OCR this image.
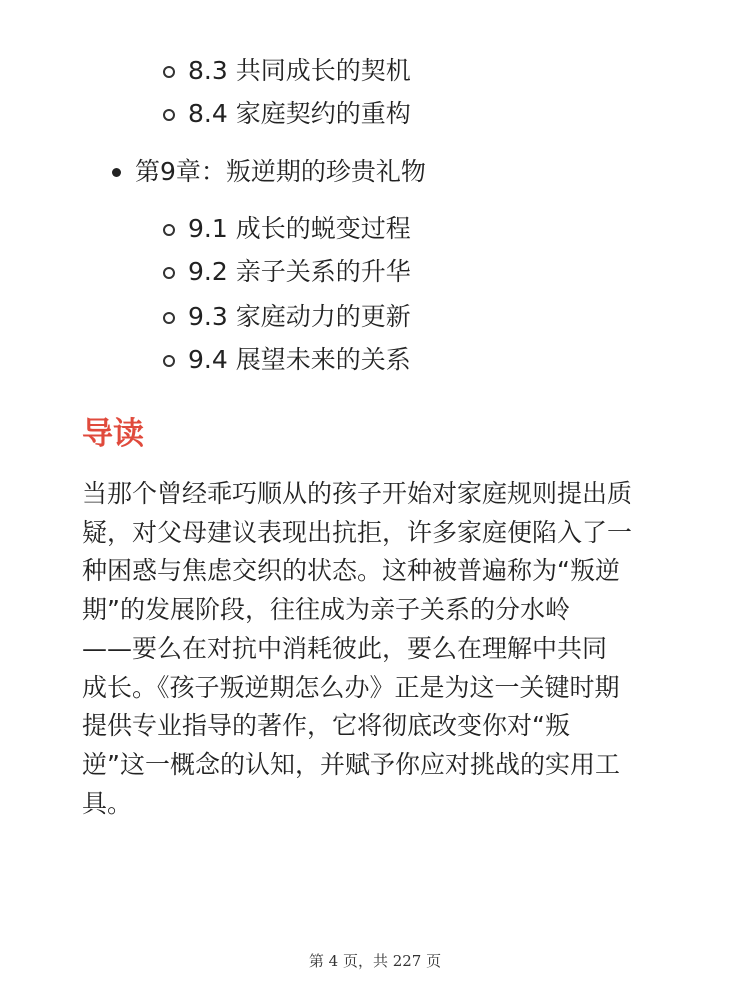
8.3 共同成长的契机
8.4 家庭契约的重构
第9章：叛逆期的珍贵礼物
9.1 成长的蜕变过程
9.2 亲子关系的升华
9.3 家庭动力的更新
9.4 展望未来的关系
导读

当那个曾经乖巧顺从的孩子开始对家庭规则提出质
疑，对父母建议表现出抗拒，许多家庭便陷入了一
种困惑与焦虑交织的状态。这种被普遍称为“叛逆
期”的发展阶段，往往成为亲子关系的分水岭
——要么在对抗中消耗彼此，要么在理解中共同
成长。《孩子叛逆期怎么办》正是为这一关键时期
提供专业指导的著作，它将彻底改变你对“叛
逆”这一概念的认知，并赋予你应对挑战的实用工
具。

第 4 页，共 227 页
